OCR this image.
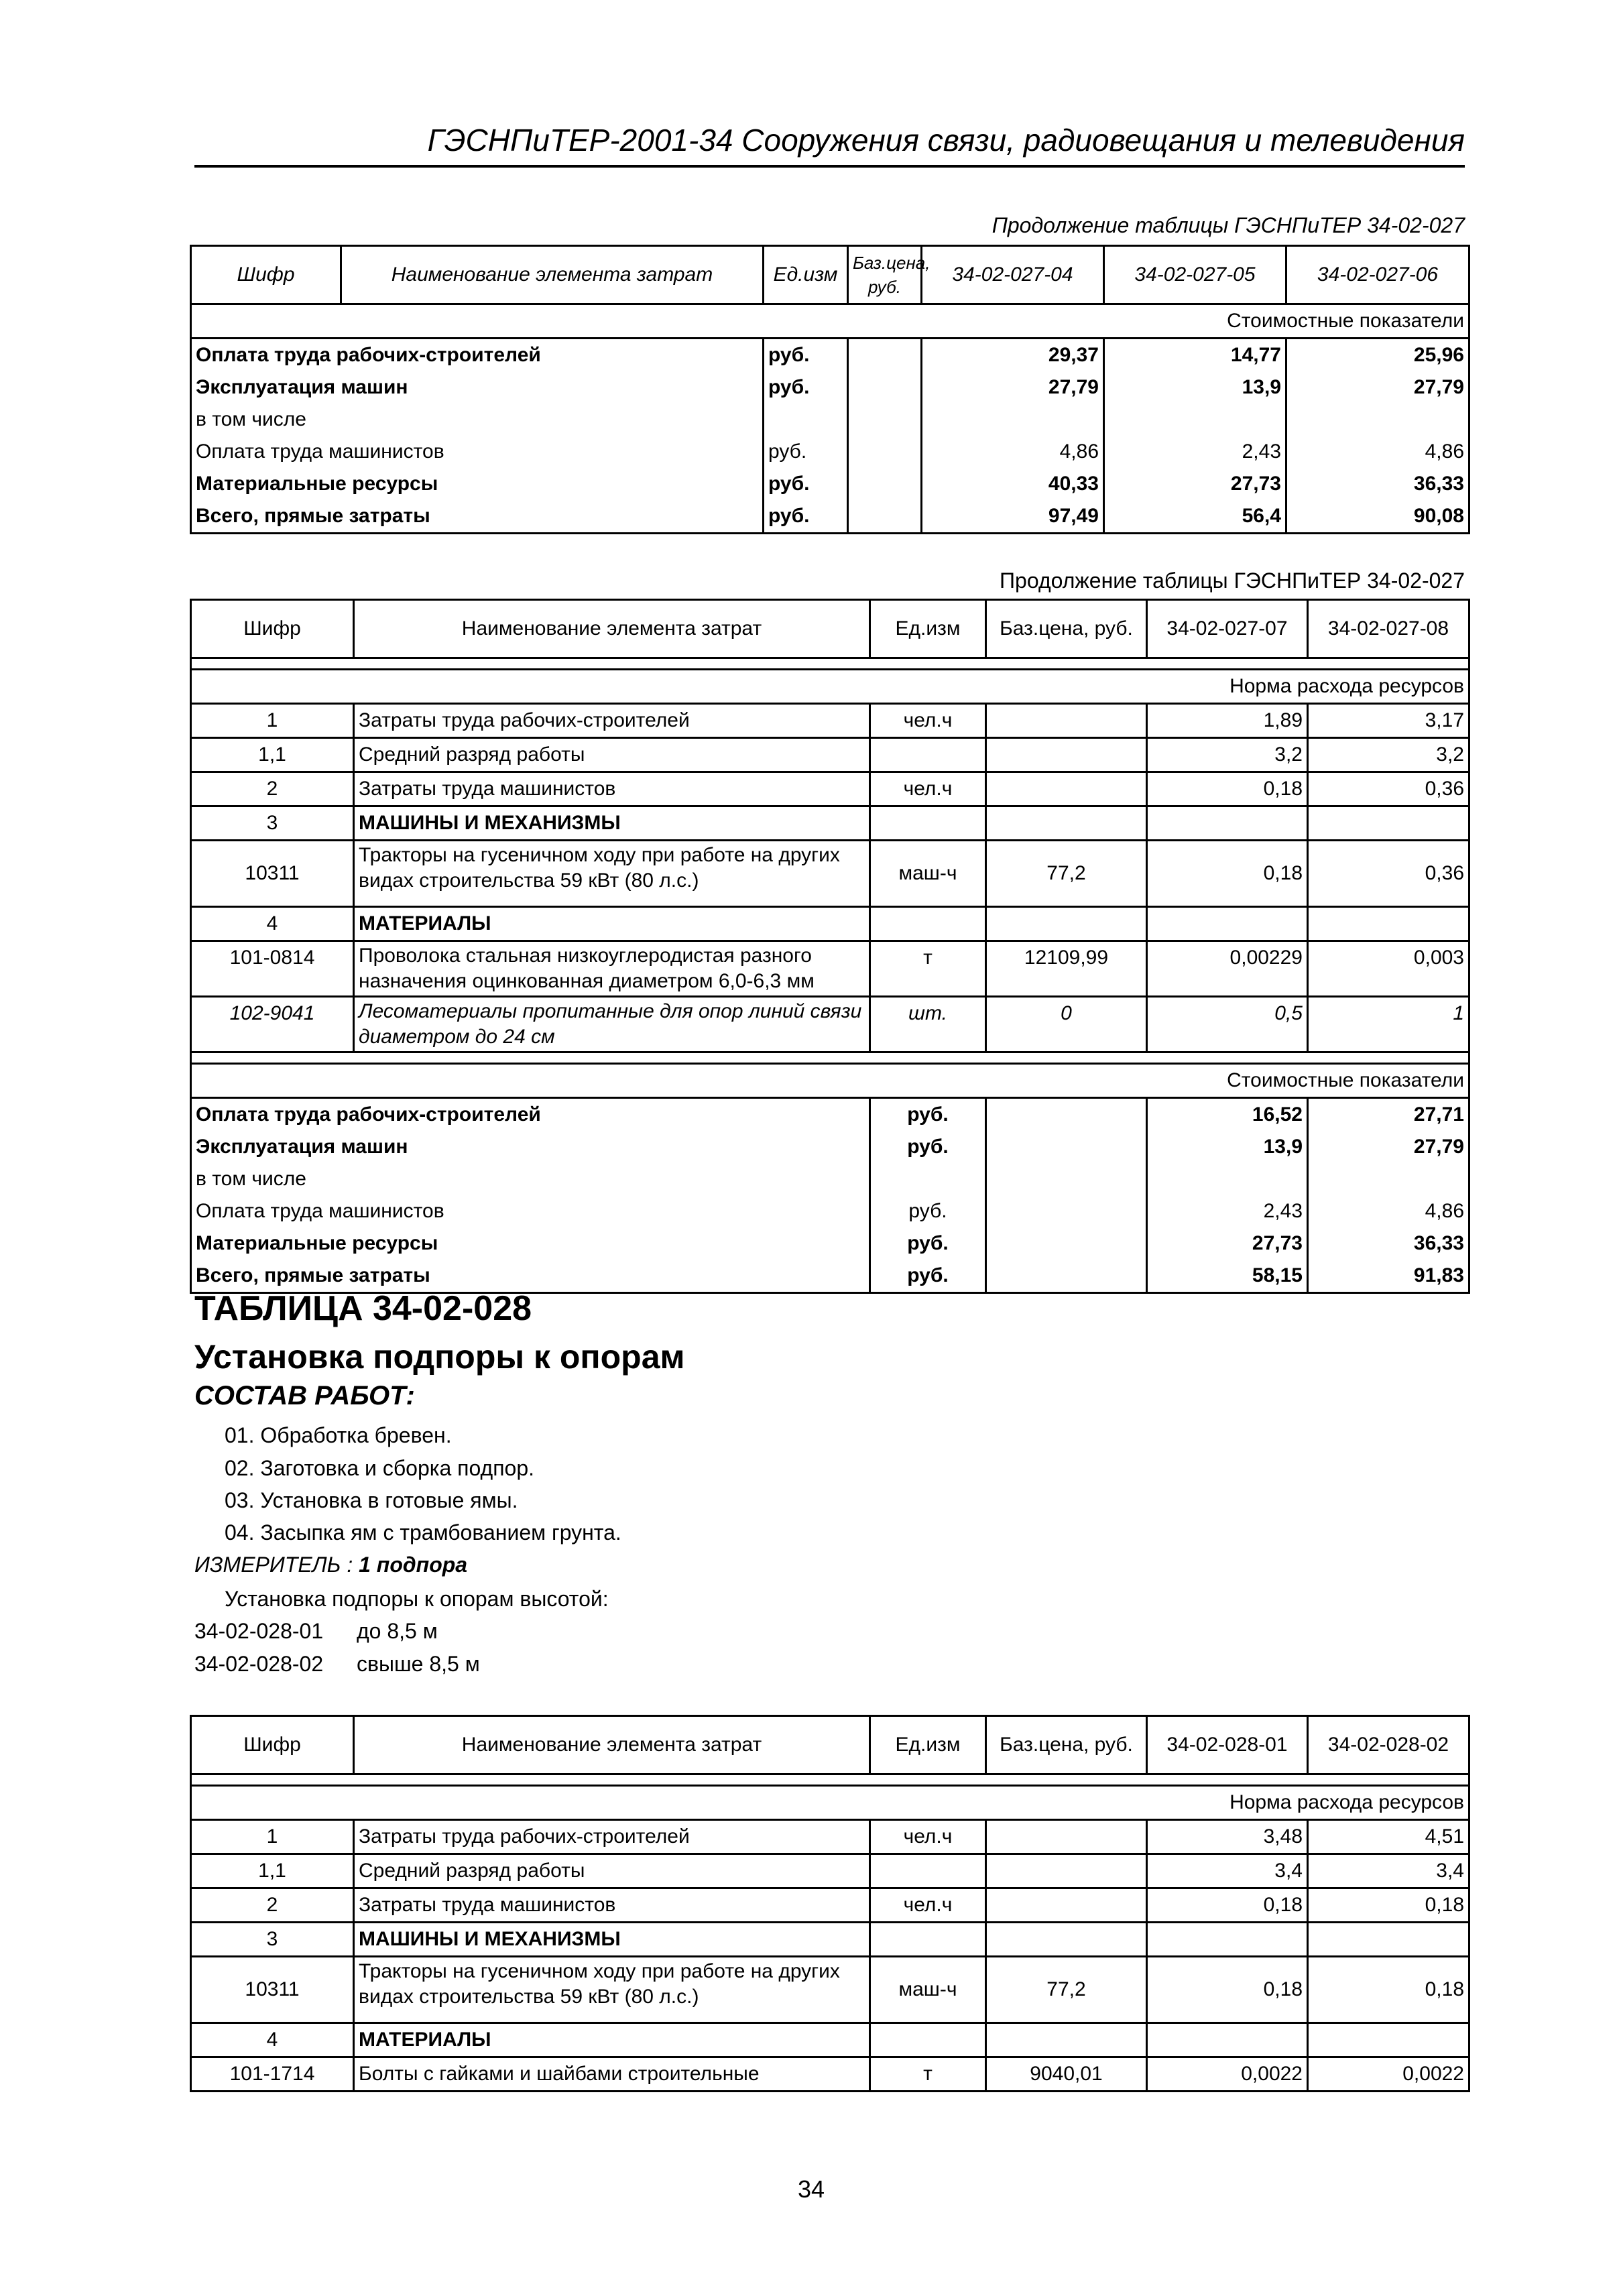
ГЭСНПиТЕР-2001-34 Сооружения связи, радиовещания и телевидения
Продолжение таблицы ГЭСНПиТЕР 34-02-027
Шифр	Наименование элемента затрат	Ед.изм	Баз.цена, руб.	34-02-027-04	34-02-027-05	34-02-027-06
Стоимостные показатели						
Оплата труда рабочих-строителей		руб.		29,37	14,77	25,96
Эксплуатация машин		руб.		27,79	13,9	27,79
в том числе						
Оплата труда машинистов		руб.		4,86	2,43	4,86
Материальные ресурсы		руб.		40,33	27,73	36,33
Всего, прямые затраты		руб.		97,49	56,4	90,08
Продолжение таблицы ГЭСНПиТЕР 34-02-027
Шифр	Наименование элемента затрат	Ед.изм	Баз.цена, руб.	34-02-027-07	34-02-027-08

Норма расхода ресурсов					
1	Затраты труда рабочих-строителей	чел.ч		1,89	3,17
1,1	Средний разряд работы			3,2	3,2
2	Затраты труда машинистов	чел.ч		0,18	0,36
3	МАШИНЫ И МЕХАНИЗМЫ				
10311	Тракторы на гусеничном ходу при работе на других видах строительства 59 кВт (80 л.с.)	маш-ч	77,2	0,18	0,36
4	МАТЕРИАЛЫ				
101-0814	Проволока стальная низкоуглеродистая разного назначения оцинкованная диаметром 6,0-6,3 мм	т	12109,99	0,00229	0,003
102-9041	Лесоматериалы пропитанные для опор линий связи диаметром до 24 см	шт.	0	0,5	1

Стоимостные показатели					
Оплата труда рабочих-строителей		руб.		16,52	27,71
Эксплуатация машин		руб.		13,9	27,79
в том числе					
Оплата труда машинистов		руб.		2,43	4,86
Материальные ресурсы		руб.		27,73	36,33
Всего, прямые затраты		руб.		58,15	91,83
ТАБЛИЦА 34-02-028
Установка подпоры к опорам
СОСТАВ РАБОТ:
01. Обработка бревен.
02. Заготовка и сборка подпор.
03. Установка в готовые ямы.
04. Засыпка ям с трамбованием грунта.
ИЗМЕРИТЕЛЬ : 1 подпора
Установка подпоры к опорам высотой:
34-02-028-01 до 8,5 м
34-02-028-02 свыше 8,5 м
Шифр	Наименование элемента затрат	Ед.изм	Баз.цена, руб.	34-02-028-01	34-02-028-02

Норма расхода ресурсов					
1	Затраты труда рабочих-строителей	чел.ч		3,48	4,51
1,1	Средний разряд работы			3,4	3,4
2	Затраты труда машинистов	чел.ч		0,18	0,18
3	МАШИНЫ И МЕХАНИЗМЫ				
10311	Тракторы на гусеничном ходу при работе на других видах строительства 59 кВт (80 л.с.)	маш-ч	77,2	0,18	0,18
4	МАТЕРИАЛЫ				
101-1714	Болты с гайками и шайбами строительные	т	9040,01	0,0022	0,0022
34
